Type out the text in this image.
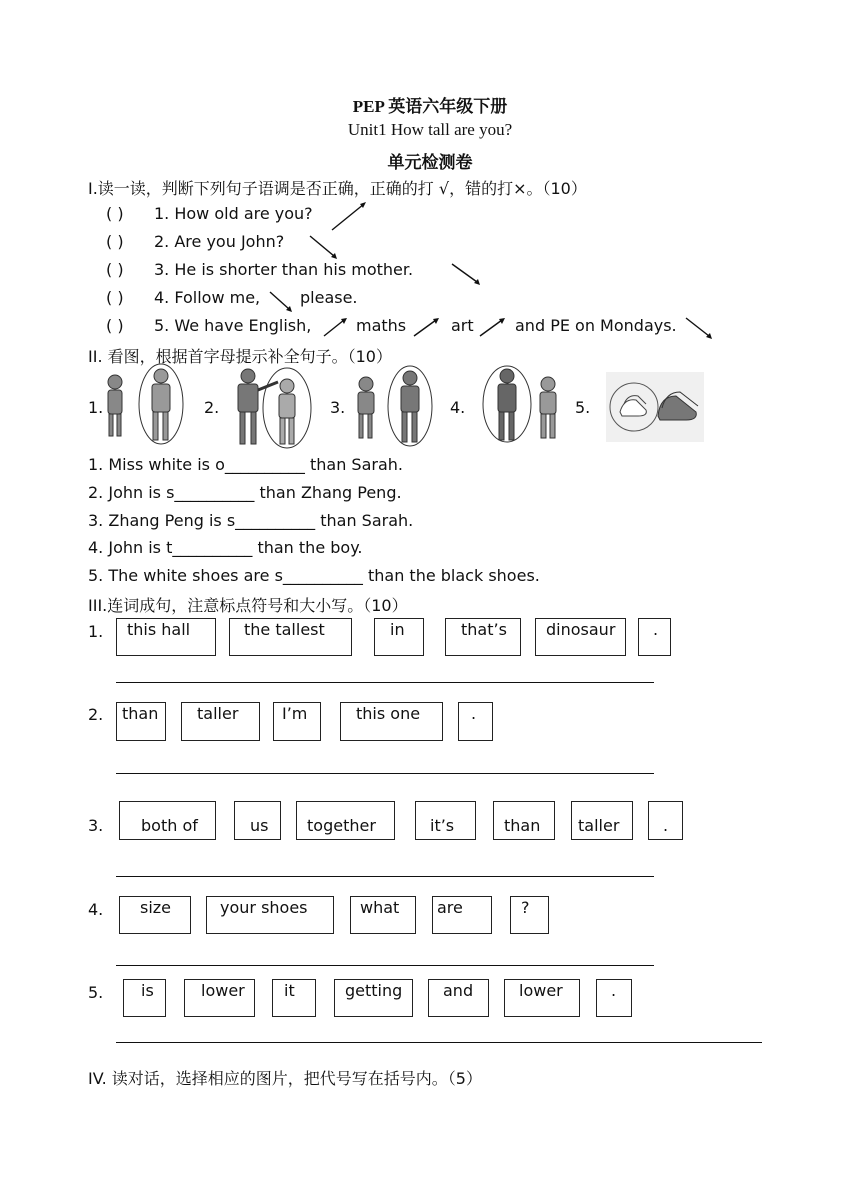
PEP 英语六年级下册
Unit1 How tall are you?
单元检测卷
I.读一读，判断下列句子语调是否正确，正确的打 √，错的打×。（10）
( ) 1. How old are you?
( ) 2. Are you John?
( ) 3. He is shorter than his mother.
( ) 4. Follow me, please.
( ) 5. We have English,	maths	art	and PE on Mondays.
II. 看图，根据首字母提示补全句子。（10）
1.	2.	3.	4.	5.
1. Miss white is o__________ than Sarah.
2. John is s__________ than Zhang Peng.
3. Zhang Peng is s__________ than Sarah.
4. John is t__________ than the boy.
5. The white shoes are s__________ than the black shoes.
III.连词成句，注意标点符号和大小写。（10）
1.	this hall	the tallest	in	that’s	dinosaur	.
2.	than	taller	I’m	this one	.
3.	both of	us	together	it’s	than	taller	.
4.	size	your shoes	what	are	?
5.	is	lower	it	getting	and	lower	.
IV. 读对话，选择相应的图片，把代号写在括号内。（5）
